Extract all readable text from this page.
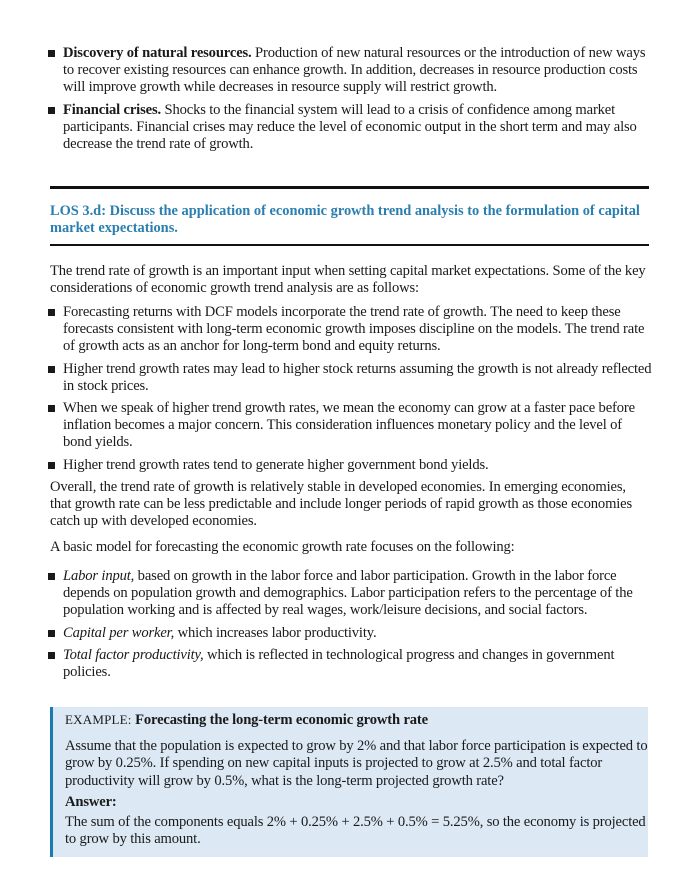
Discovery of natural resources. Production of new natural resources or the introduction of new ways to recover existing resources can enhance growth. In addition, decreases in resource production costs will improve growth while decreases in resource supply will restrict growth.
Financial crises. Shocks to the financial system will lead to a crisis of confidence among market participants. Financial crises may reduce the level of economic output in the short term and may also decrease the trend rate of growth.
LOS 3.d: Discuss the application of economic growth trend analysis to the formulation of capital market expectations.

The trend rate of growth is an important input when setting capital market expectations. Some of the key considerations of economic growth trend analysis are as follows:

Forecasting returns with DCF models incorporate the trend rate of growth. The need to keep these forecasts consistent with long-term economic growth imposes discipline on the models. The trend rate of growth acts as an anchor for long-term bond and equity returns.
Higher trend growth rates may lead to higher stock returns assuming the growth is not already reflected in stock prices.
When we speak of higher trend growth rates, we mean the economy can grow at a faster pace before inflation becomes a major concern. This consideration influences monetary policy and the level of bond yields.
Higher trend growth rates tend to generate higher government bond yields.

Overall, the trend rate of growth is relatively stable in developed economies. In emerging economies, that growth rate can be less predictable and include longer periods of rapid growth as those economies catch up with developed economies.

A basic model for forecasting the economic growth rate focuses on the following:

Labor input, based on growth in the labor force and labor participation. Growth in the labor force depends on population growth and demographics. Labor participation refers to the percentage of the population working and is affected by real wages, work/leisure decisions, and social factors.
Capital per worker, which increases labor productivity.
Total factor productivity, which is reflected in technological progress and changes in government policies.

EXAMPLE: Forecasting the long-term economic growth rate

Assume that the population is expected to grow by 2% and that labor force participation is expected to grow by 0.25%. If spending on new capital inputs is projected to grow at 2.5% and total factor productivity will grow by 0.5%, what is the long-term projected growth rate?

Answer:

The sum of the components equals 2% + 0.25% + 2.5% + 0.5% = 5.25%, so the economy is projected to grow by this amount.
